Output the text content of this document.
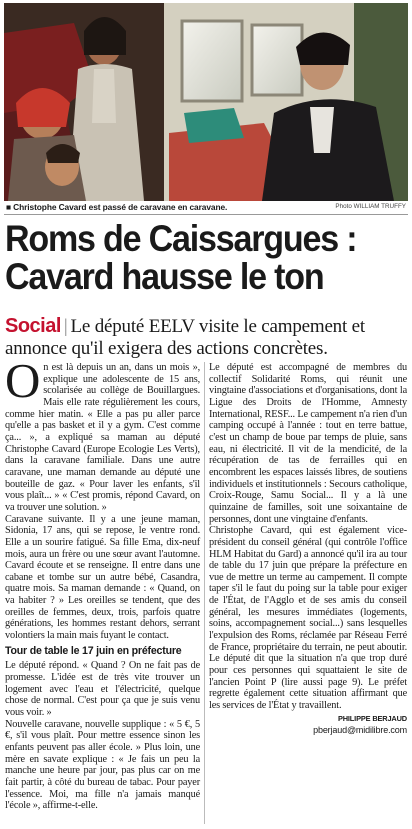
■ Christophe Cavard est passé de caravane en caravane.	Photo WILLIAM TRUFFY
Roms de Caissargues :
Cavard hausse le ton
Social | Le député EELV visite le campement et annonce qu'il exigera des actions concrètes.

On est là depuis un an, dans un mois », explique une adolescente de 15 ans, scolarisée au collège de Bouillargues. Mais elle rate régulièrement les cours, comme hier matin. « Elle a pas pu aller parce qu'elle a pas basket et il y a gym. C'est comme ça... », a expliqué sa maman au député Christophe Cavard (Europe Ecologie Les Verts), dans la caravane familiale. Dans une autre caravane, une maman demande au député une bouteille de gaz. « Pour laver les enfants, s'il vous plaît... » « C'est promis, répond Cavard, on va trouver une solution. »

Caravane suivante. Il y a une jeune maman, Sidonia, 17 ans, qui se repose, le ventre rond. Elle a un sourire fatigué. Sa fille Ema, dix-neuf mois, aura un frère ou une sœur avant l'automne. Cavard écoute et se renseigne. Il entre dans une cabane et tombe sur un autre bébé, Casandra, quatre mois. Sa maman demande : « Quand, on va habiter ? » Les oreilles se tendent, que des oreilles de femmes, deux, trois, parfois quatre générations, les hommes restant dehors, serrant volontiers la main mais fuyant le contact.

Tour de table le 17 juin en préfecture

Le député répond. « Quand ? On ne fait pas de promesse. L'idée est de très vite trouver un logement avec l'eau et l'électricité, quelque chose de normal. C'est pour ça que je suis venu vous voir. »

Nouvelle caravane, nouvelle supplique : « 5 €, 5 €, s'il vous plaît. Pour mettre essence sinon les enfants peuvent pas aller école. » Plus loin, une mère en savate explique : « Je fais un peu la manche une heure par jour, pas plus car on me fait partir, à côté du bureau de tabac. Pour payer l'essence. Moi, ma fille n'a jamais manqué l'école », affirme-t-elle.

Le député est accompagné de membres du collectif Solidarité Roms, qui réunit une vingtaine d'associations et d'organisations, dont la Ligue des Droits de l'Homme, Amnesty International, RESF... Le campement n'a rien d'un camping occupé à l'année : tout en terre battue, c'est un champ de boue par temps de pluie, sans eau, ni électricité. Il vit de la mendicité, de la récupération de tas de ferrailles qui en encombrent les espaces laissés libres, de soutiens individuels et institutionnels : Secours catholique, Croix-Rouge, Samu Social... Il y a là une quinzaine de familles, soit une soixantaine de personnes, dont une vingtaine d'enfants.

Christophe Cavard, qui est également vice-président du conseil général (qui contrôle l'office HLM Habitat du Gard) a annoncé qu'il ira au tour de table du 17 juin que prépare la préfecture en vue de mettre un terme au campement. Il compte taper s'il le faut du poing sur la table pour exiger de l'État, de l'Agglo et de ses amis du conseil général, les mesures immédiates (logements, soins, accompagnement social...) sans lesquelles l'expulsion des Roms, réclamée par Réseau Ferré de France, propriétaire du terrain, ne peut aboutir. Le député dit que la situation n'a que trop duré pour ces personnes qui squattaient le site de l'ancien Point P (lire aussi page 9). Le préfet regrette également cette situation affirmant que les services de l'État y travaillent.

PHILIPPE BERJAUD
pberjaud@midilibre.com
